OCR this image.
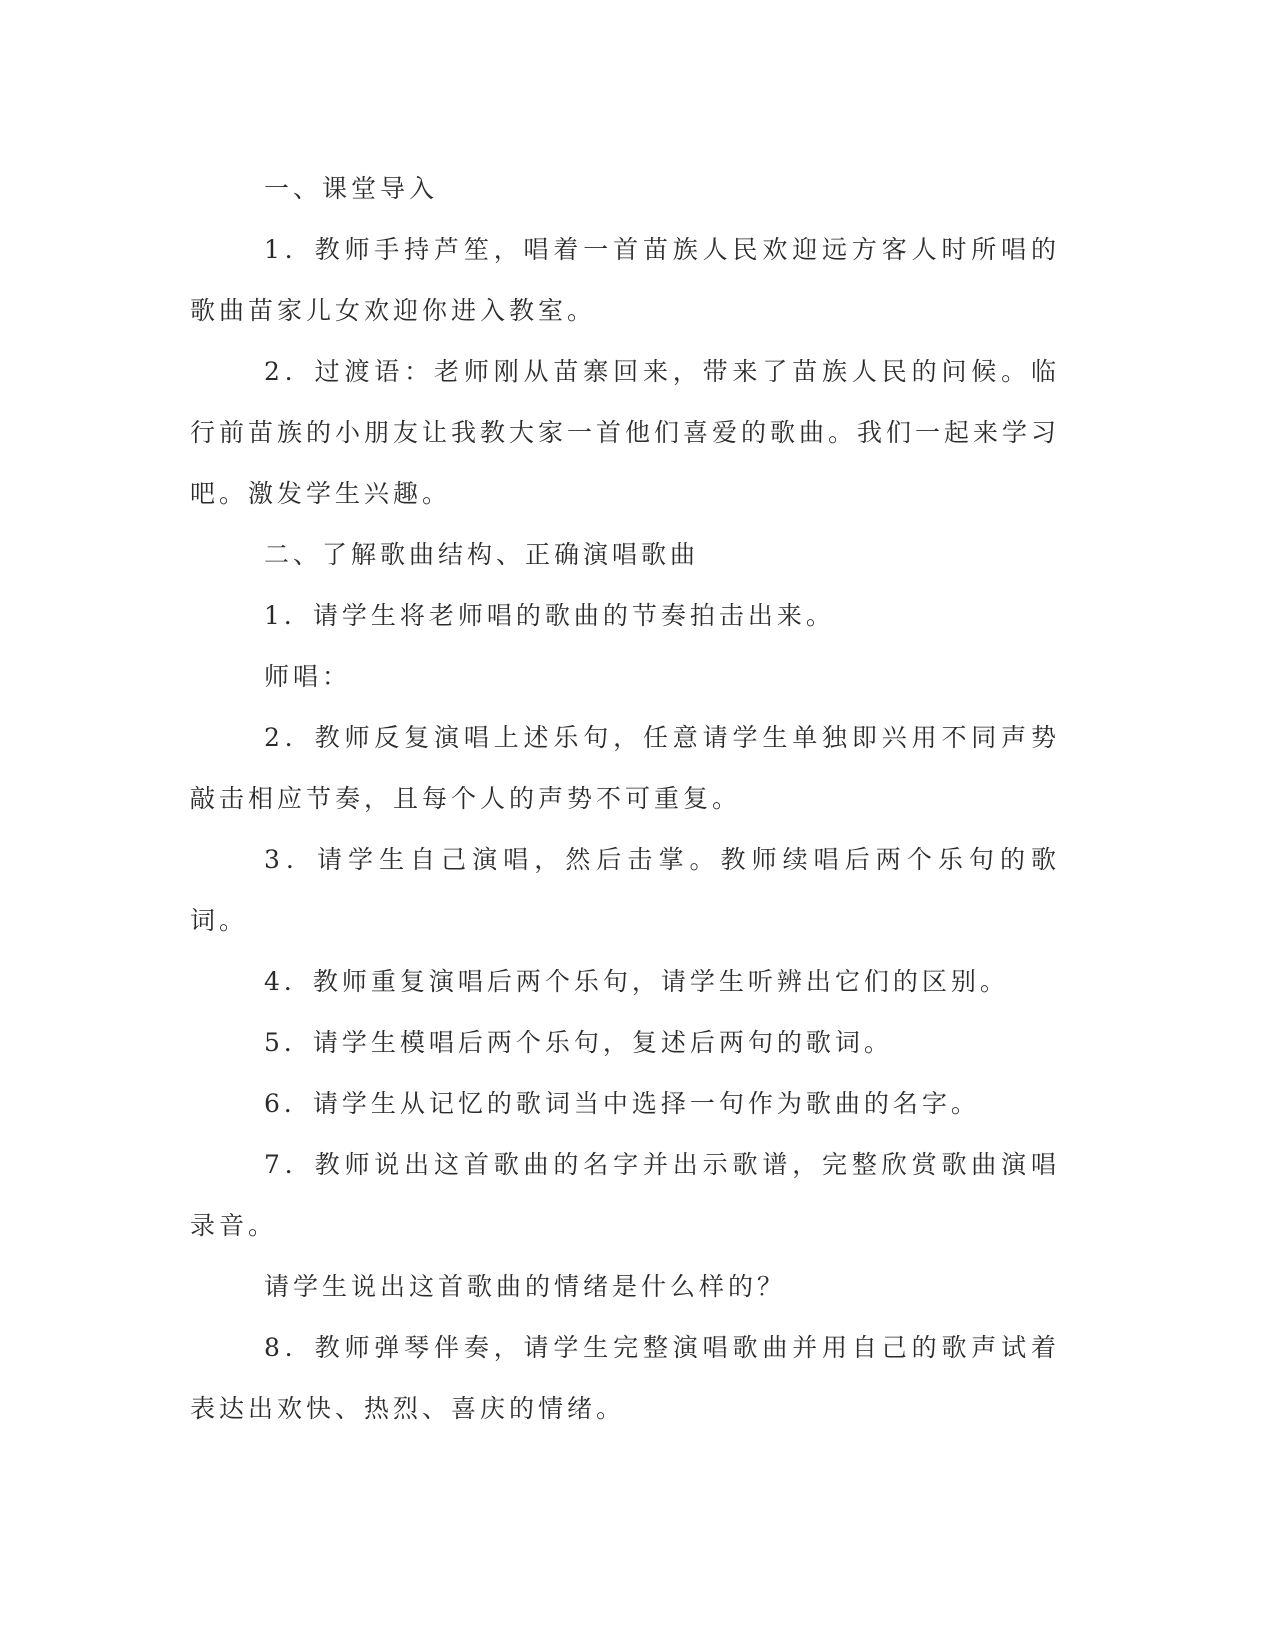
一、课堂导入

1．教师手持芦笙，唱着一首苗族人民欢迎远方客人时所唱的歌曲苗家儿女欢迎你进入教室。

2．过渡语：老师刚从苗寨回来，带来了苗族人民的问候。临行前苗族的小朋友让我教大家一首他们喜爱的歌曲。我们一起来学习吧。激发学生兴趣。

二、了解歌曲结构、正确演唱歌曲

1．请学生将老师唱的歌曲的节奏拍击出来。

师唱：

2．教师反复演唱上述乐句，任意请学生单独即兴用不同声势敲击相应节奏，且每个人的声势不可重复。

3．请学生自己演唱，然后击掌。教师续唱后两个乐句的歌词。

4．教师重复演唱后两个乐句，请学生听辨出它们的区别。

5．请学生模唱后两个乐句，复述后两句的歌词。

6．请学生从记忆的歌词当中选择一句作为歌曲的名字。

7．教师说出这首歌曲的名字并出示歌谱，完整欣赏歌曲演唱录音。

请学生说出这首歌曲的情绪是什么样的？

8．教师弹琴伴奏，请学生完整演唱歌曲并用自己的歌声试着表达出欢快、热烈、喜庆的情绪。
